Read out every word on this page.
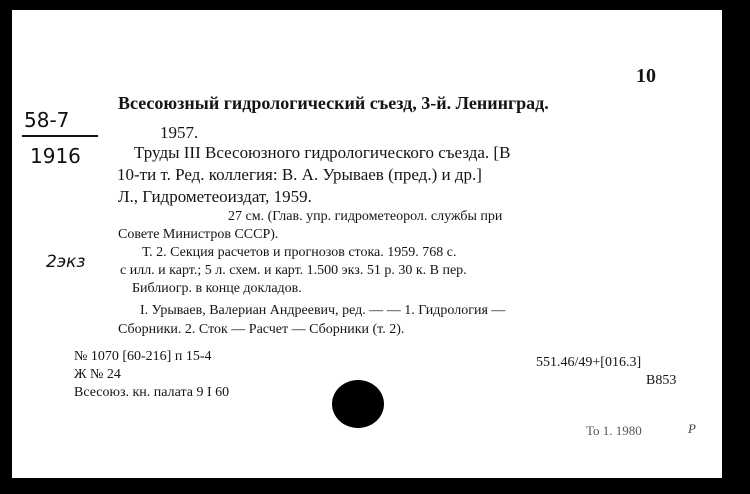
10
58-7
1916
2экз
Всесоюзный гидрологический съезд, 3-й. Ленинград.
1957.
Труды III Всесоюзного гидрологического съезда. [В
10-ти т. Ред. коллегия: В. А. Урываев (пред.) и др.]
Л., Гидрометеоиздат, 1959.
27 см. (Глав. упр. гидрометеорол. службы при
Совете Министров СССР).
Т. 2. Секция расчетов и прогнозов стока. 1959. 768 с.
с илл. и карт.; 5 л. схем. и карт. 1.500 экз. 51 р. 30 к. В пер.
Библиогр. в конце докладов.
I. Урываев, Валериан Андреевич, ред. — — 1. Гидрология —
Сборники. 2. Сток — Расчет — Сборники (т. 2).
№ 1070 [60-216] п 15-4
Ж № 24
Всесоюз. кн. палата 9 I 60
551.46/49+[016.3]
В853
То 1. 1980	Р
